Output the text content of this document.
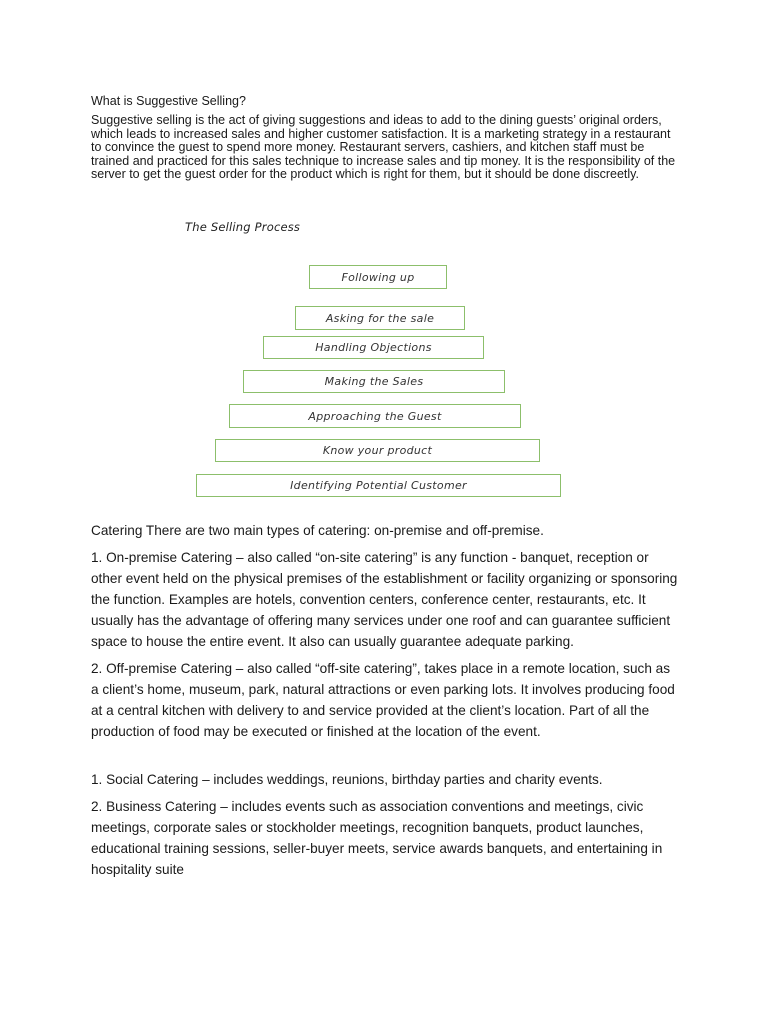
What is Suggestive Selling?

Suggestive selling is the act of giving suggestions and ideas to add to the dining guests’ original orders, which leads to increased sales and higher customer satisfaction. It is a marketing strategy in a restaurant to convince the guest to spend more money. Restaurant servers, cashiers, and kitchen staff must be trained and practiced for this sales technique to increase sales and tip money. It is the responsibility of the server to get the guest order for the product which is right for them, but it should be done discreetly.

The Selling Process

Following up
Asking for the sale
Handling Objections
Making the Sales
Approaching the Guest
Know your product
Identifying Potential Customer

Catering There are two main types of catering: on-premise and off-premise.

1. On-premise Catering – also called “on-site catering” is any function - banquet, reception or other event held on the physical premises of the establishment or facility organizing or sponsoring the function. Examples are hotels, convention centers, conference center, restaurants, etc. It usually has the advantage of offering many services under one roof and can guarantee sufficient space to house the entire event. It also can usually guarantee adequate parking.

2. Off-premise Catering – also called “off-site catering”, takes place in a remote location, such as a client’s home, museum, park, natural attractions or even parking lots. It involves producing food at a central kitchen with delivery to and service provided at the client’s location. Part of all the production of food may be executed or finished at the location of the event.

1. Social Catering – includes weddings, reunions, birthday parties and charity events.

2. Business Catering – includes events such as association conventions and meetings, civic meetings, corporate sales or stockholder meetings, recognition banquets, product launches, educational training sessions, seller-buyer meets, service awards banquets, and entertaining in hospitality suite
